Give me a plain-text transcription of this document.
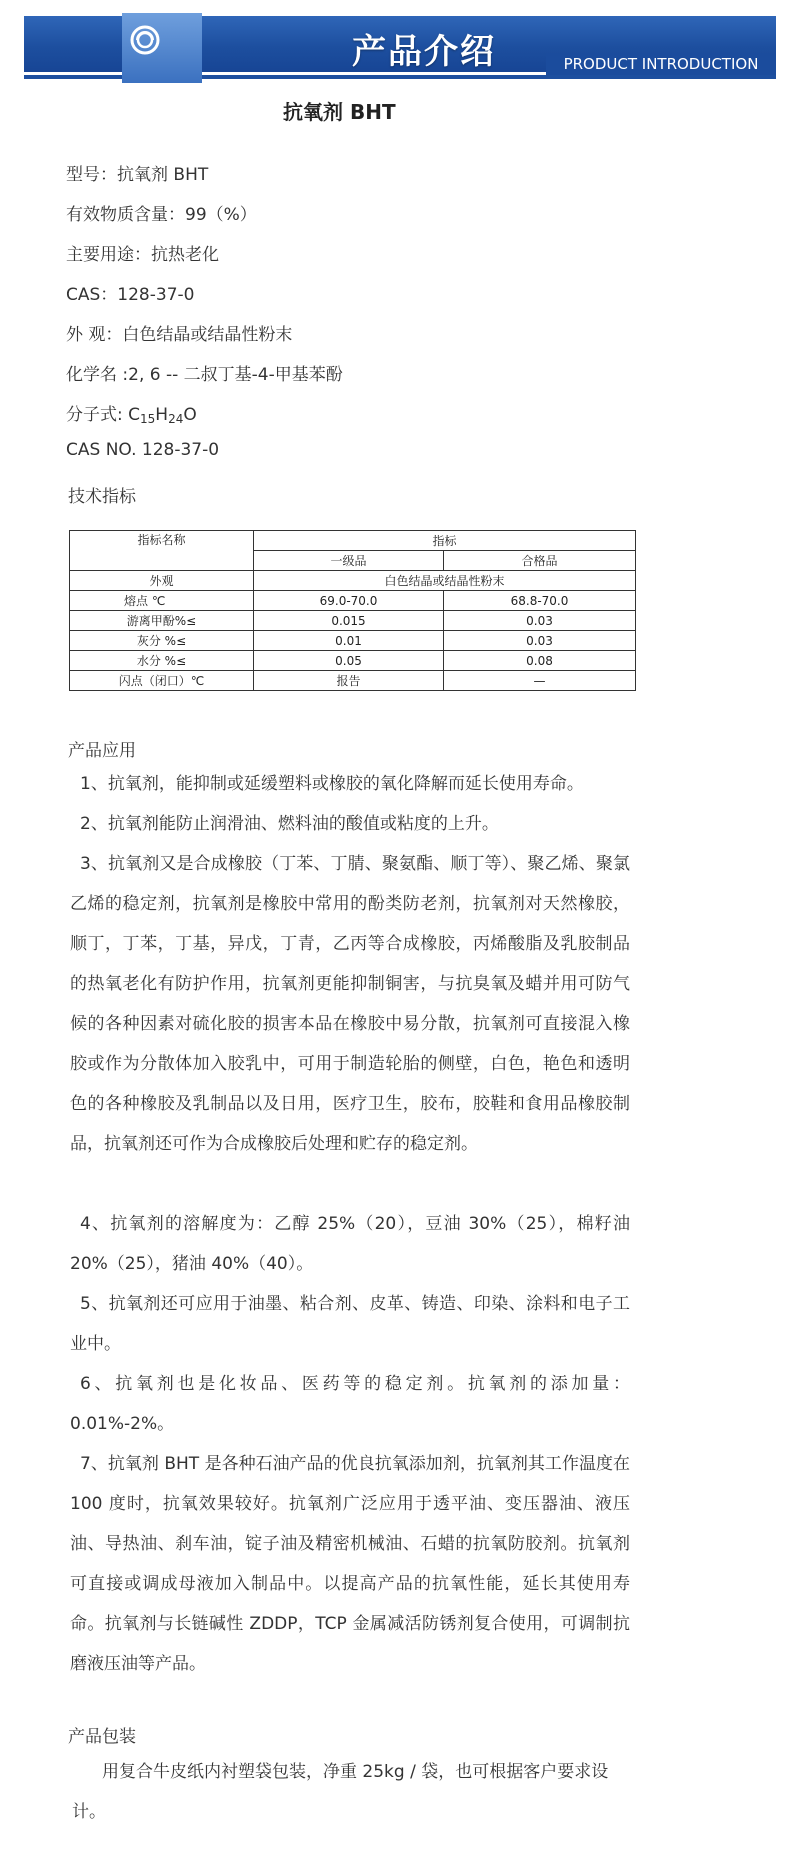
产品介绍	PRODUCT INTRODUCTION
抗氧剂 BHT
型号：抗氧剂 BHT
有效物质含量：99（%）
主要用途：抗热老化
CAS：128-37-0
外 观：白色结晶或结晶性粉末
化学名 :2, 6 -- 二叔丁基-4-甲基苯酚
分子式: $C_{15}H_{24}O$
CAS NO. 128-37-0
技术指标
指标名称	指标	
	一级品	合格品
外观	白色结晶或结晶性粉末	
熔点 ℃	69.0-70.0	68.8-70.0
游离甲酚%≤	0.015	0.03
灰分 %≤	0.01	0.03
水分 %≤	0.05	0.08
闪点（闭口）℃	报告	—
产品应用
1、抗氧剂，能抑制或延缓塑料或橡胶的氧化降解而延长使用寿命。
2、抗氧剂能防止润滑油、燃料油的酸值或粘度的上升。
3、抗氧剂又是合成橡胶（丁苯、丁腈、聚氨酯、顺丁等）、聚乙烯、聚氯乙烯的稳定剂，抗氧剂是橡胶中常用的酚类防老剂，抗氧剂对天然橡胶，顺丁，丁苯，丁基，异戊，丁青，乙丙等合成橡胶，丙烯酸脂及乳胶制品的热氧老化有防护作用，抗氧剂更能抑制铜害，与抗臭氧及蜡并用可防气候的各种因素对硫化胶的损害本品在橡胶中易分散，抗氧剂可直接混入橡胶或作为分散体加入胶乳中，可用于制造轮胎的侧壁，白色，艳色和透明色的各种橡胶及乳制品以及日用，医疗卫生，胶布，胶鞋和食用品橡胶制品，抗氧剂还可作为合成橡胶后处理和贮存的稳定剂。
4、抗氧剂的溶解度为：乙醇 25%（20），豆油 30%（25），棉籽油 20%（25），猪油 40%（40）。
5、抗氧剂还可应用于油墨、粘合剂、皮革、铸造、印染、涂料和电子工业中。
6、抗氧剂也是化妆品、医药等的稳定剂。抗氧剂的添加量：0.01%-2%。
7、抗氧剂 BHT 是各种石油产品的优良抗氧添加剂，抗氧剂其工作温度在 100 度时，抗氧效果较好。抗氧剂广泛应用于透平油、变压器油、液压油、导热油、刹车油，锭子油及精密机械油、石蜡的抗氧防胶剂。抗氧剂可直接或调成母液加入制品中。以提高产品的抗氧性能，延长其使用寿命。抗氧剂与长链碱性 ZDDP，TCP 金属减活防锈剂复合使用，可调制抗磨液压油等产品。
产品包装
用复合牛皮纸内衬塑袋包装，净重 25kg / 袋，也可根据客户要求设计。
